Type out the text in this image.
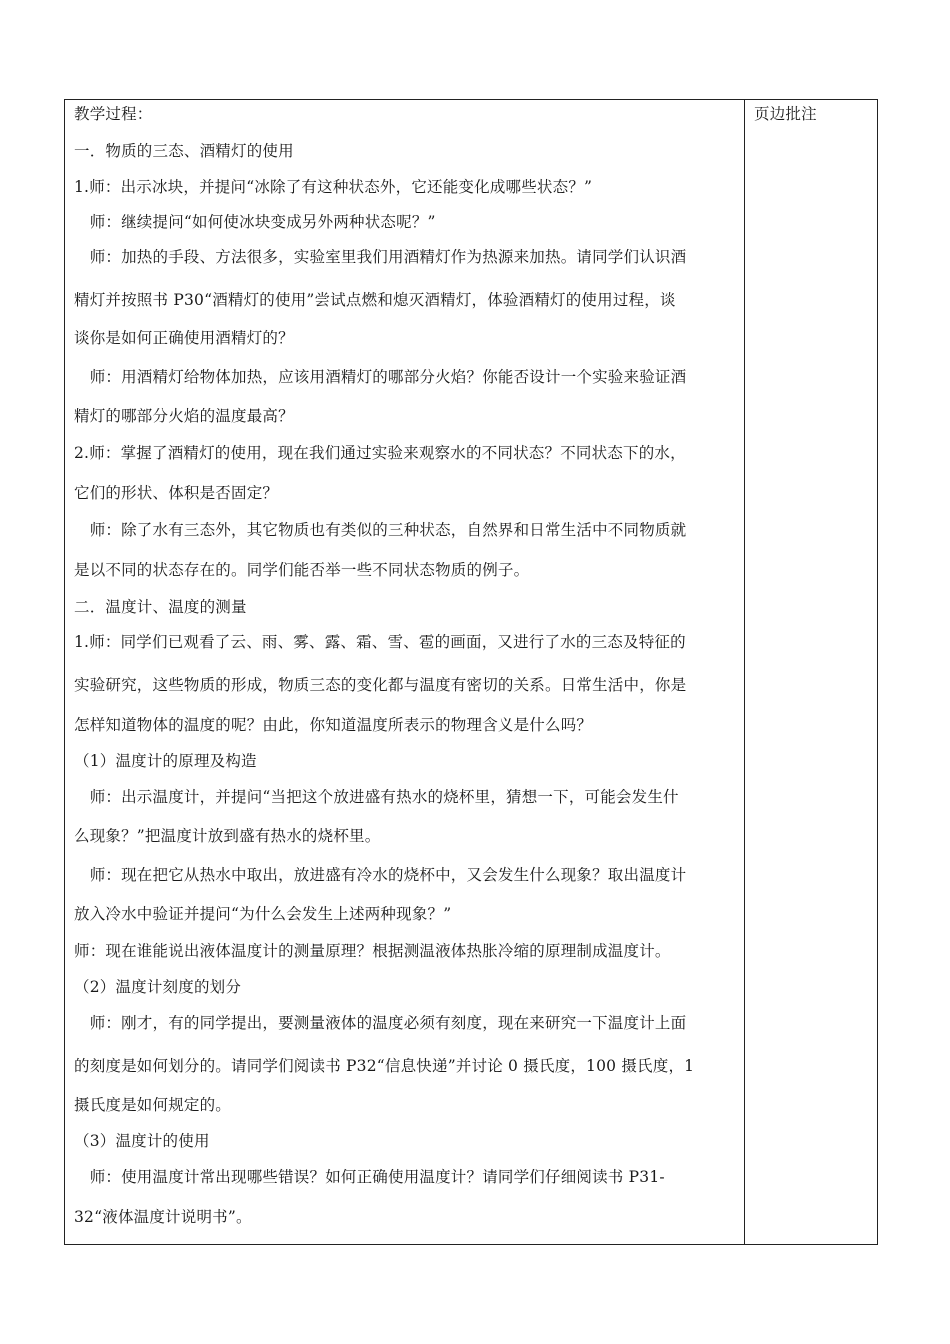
教学过程：
一．物质的三态、酒精灯的使用
1.师：出示冰块，并提问“冰除了有这种状态外，它还能变化成哪些状态？”
　师：继续提问“如何使冰块变成另外两种状态呢？”
　师：加热的手段、方法很多，实验室里我们用酒精灯作为热源来加热。请同学们认识酒
精灯并按照书 P30“酒精灯的使用”尝试点燃和熄灭酒精灯，体验酒精灯的使用过程，谈
谈你是如何正确使用酒精灯的？
　师：用酒精灯给物体加热，应该用酒精灯的哪部分火焰？你能否设计一个实验来验证酒
精灯的哪部分火焰的温度最高？
2.师：掌握了酒精灯的使用，现在我们通过实验来观察水的不同状态？不同状态下的水，
它们的形状、体积是否固定？
　师：除了水有三态外，其它物质也有类似的三种状态，自然界和日常生活中不同物质就
是以不同的状态存在的。同学们能否举一些不同状态物质的例子。
二．温度计、温度的测量
1.师：同学们已观看了云、雨、雾、露、霜、雪、雹的画面，又进行了水的三态及特征的
实验研究，这些物质的形成，物质三态的变化都与温度有密切的关系。日常生活中，你是
怎样知道物体的温度的呢？由此，你知道温度所表示的物理含义是什么吗？
（1）温度计的原理及构造
　师：出示温度计，并提问“当把这个放进盛有热水的烧杯里，猜想一下，可能会发生什
么现象？”把温度计放到盛有热水的烧杯里。
　师：现在把它从热水中取出，放进盛有冷水的烧杯中，又会发生什么现象？取出温度计
放入冷水中验证并提问“为什么会发生上述两种现象？”
师：现在谁能说出液体温度计的测量原理？根据测温液体热胀冷缩的原理制成温度计。
（2）温度计刻度的划分
　师：刚才，有的同学提出，要测量液体的温度必须有刻度，现在来研究一下温度计上面
的刻度是如何划分的。请同学们阅读书 P32“信息快递”并讨论 0 摄氏度，100 摄氏度，1
摄氏度是如何规定的。
（3）温度计的使用
　师：使用温度计常出现哪些错误？如何正确使用温度计？请同学们仔细阅读书 P31-
32“液体温度计说明书”。
页边批注
